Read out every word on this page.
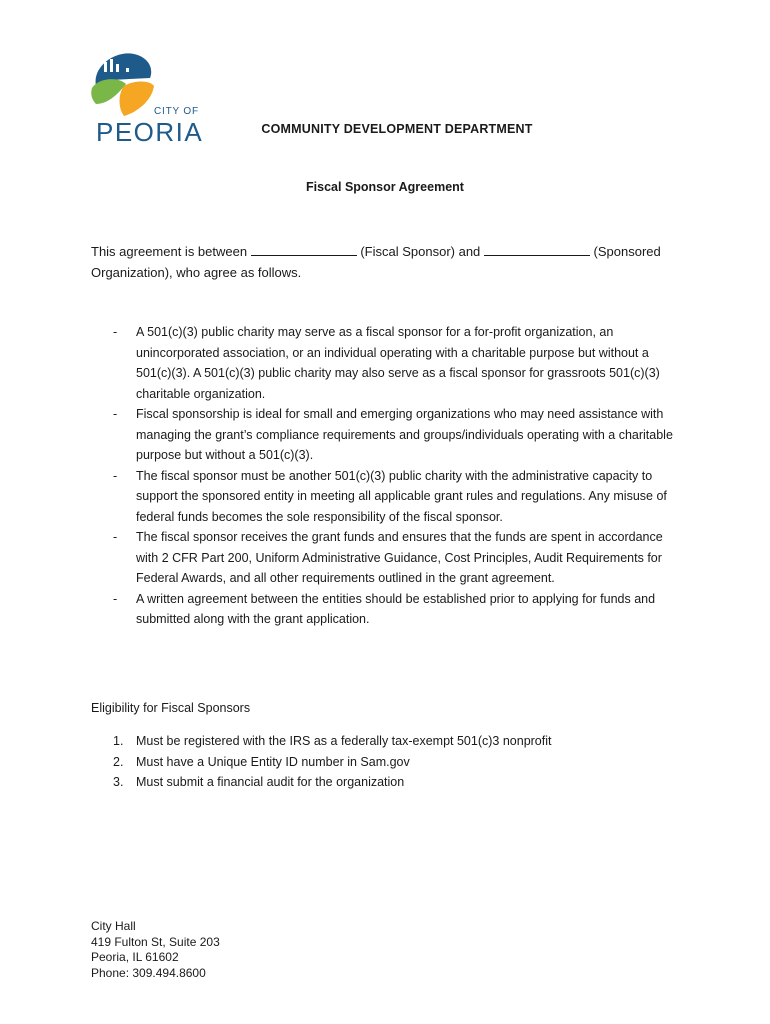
CITY OF
PEORIA	COMMUNITY DEVELOPMENT DEPARTMENT
Fiscal Sponsor Agreement
This agreement is between	(Fiscal Sponsor) and	(Sponsored Organization), who agree as follows.
- A 501(c)(3) public charity may serve as a fiscal sponsor for a for-profit organization, an unincorporated association, or an individual operating with a charitable purpose but without a 501(c)(3). A 501(c)(3) public charity may also serve as a fiscal sponsor for grassroots 501(c)(3) charitable organization.
- Fiscal sponsorship is ideal for small and emerging organizations who may need assistance with managing the grant’s compliance requirements and groups/individuals operating with a charitable purpose but without a 501(c)(3).
- The fiscal sponsor must be another 501(c)(3) public charity with the administrative capacity to support the sponsored entity in meeting all applicable grant rules and regulations. Any misuse of federal funds becomes the sole responsibility of the fiscal sponsor.
- The fiscal sponsor receives the grant funds and ensures that the funds are spent in accordance with 2 CFR Part 200, Uniform Administrative Guidance, Cost Principles, Audit Requirements for Federal Awards, and all other requirements outlined in the grant agreement.
- A written agreement between the entities should be established prior to applying for funds and submitted along with the grant application.
Eligibility for Fiscal Sponsors
1. Must be registered with the IRS as a federally tax-exempt 501(c)3 nonprofit
2. Must have a Unique Entity ID number in Sam.gov
3. Must submit a financial audit for the organization
City Hall
419 Fulton St, Suite 203
Peoria, IL 61602
Phone: 309.494.8600
